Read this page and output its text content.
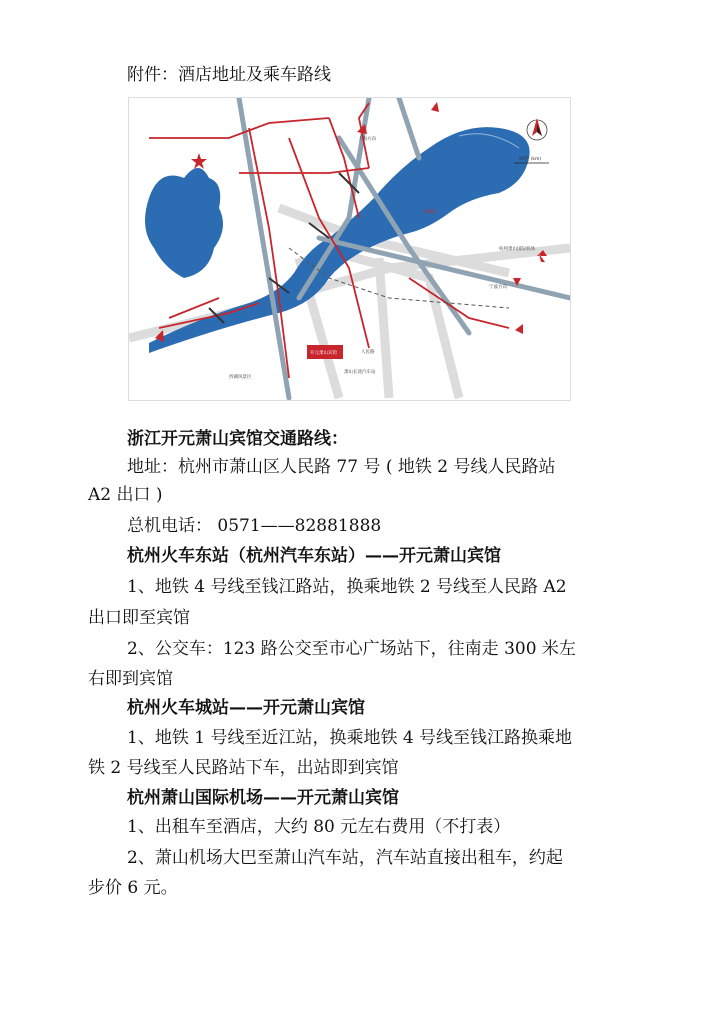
附件：酒店地址及乘车路线
20里 (km)
开元萧山宾馆
上海方向
杭州萧山国际机场
宁波方向
萧山长途汽车站
人民路
西湖风景区
钱塘江
浙江开元萧山宾馆交通路线：
地址：杭州市萧山区人民路 77 号 ( 地铁 2 号线人民路站
A2 出口 )
总机电话： 0571——82881888
杭州火车东站（杭州汽车东站）——开元萧山宾馆
1、地铁 4 号线至钱江路站，换乘地铁 2 号线至人民路 A2
出口即至宾馆
2、公交车：123 路公交至市心广场站下，往南走 300 米左
右即到宾馆
杭州火车城站——开元萧山宾馆
1、地铁 1 号线至近江站，换乘地铁 4 号线至钱江路换乘地
铁 2 号线至人民路站下车，出站即到宾馆
杭州萧山国际机场——开元萧山宾馆
1、出租车至酒店，大约 80 元左右费用（不打表）
2、萧山机场大巴至萧山汽车站，汽车站直接出租车，约起
步价 6 元。
